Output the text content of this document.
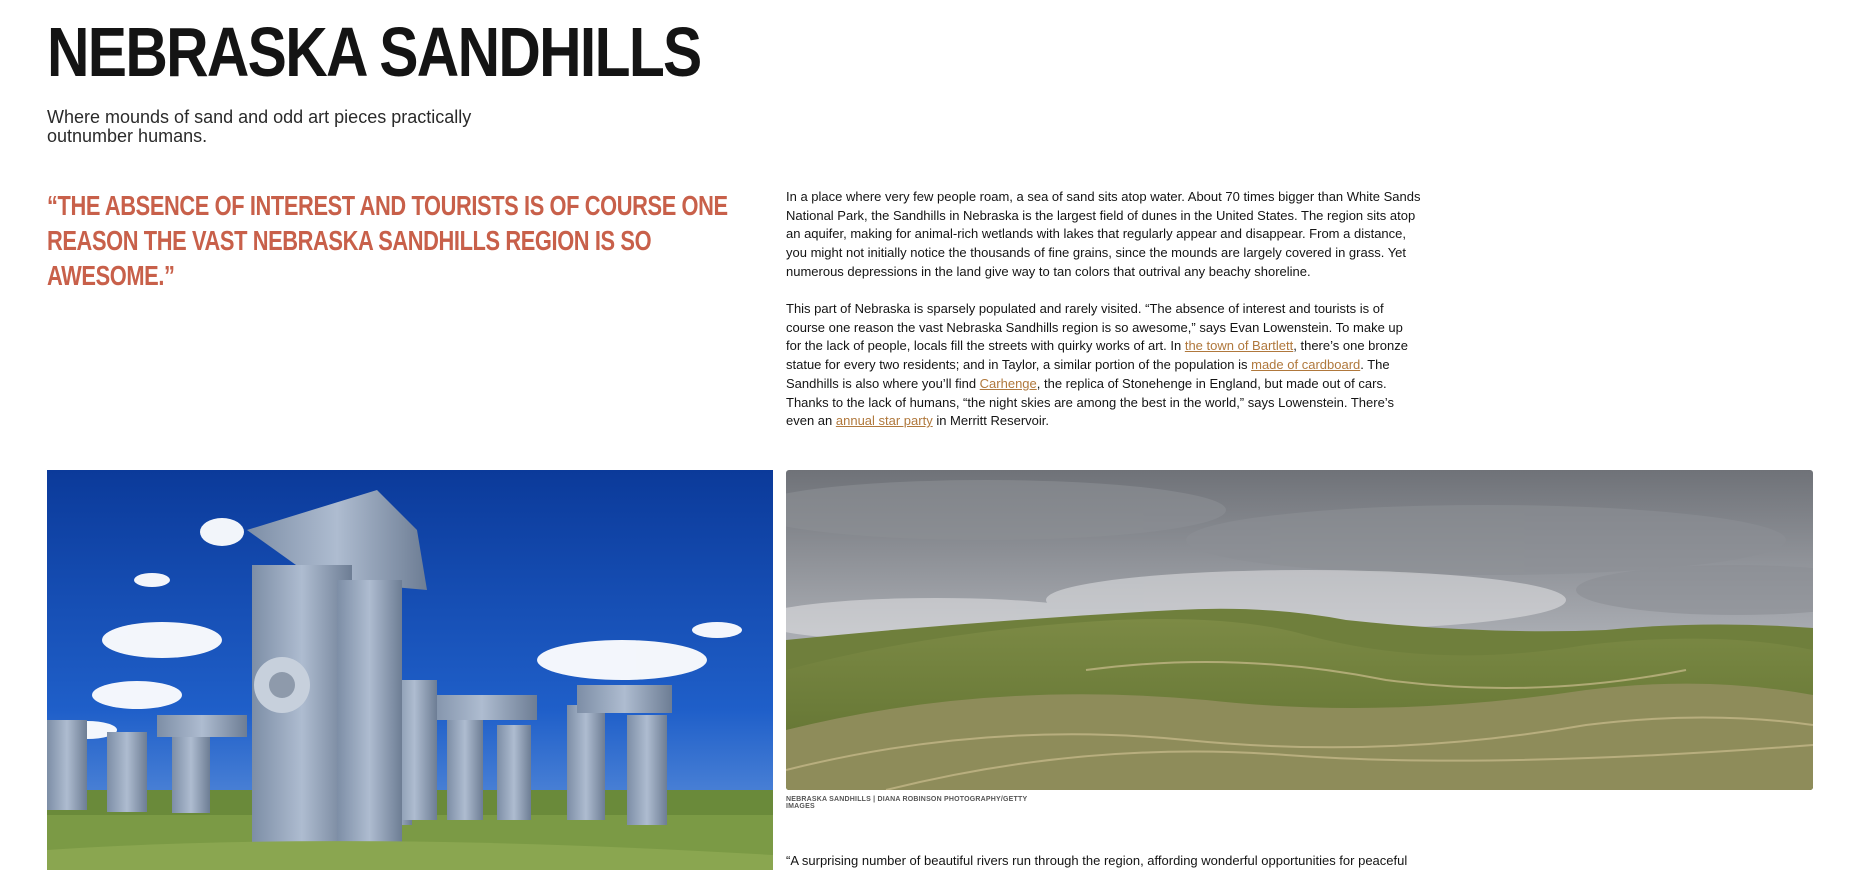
NEBRASKA SANDHILLS
Where mounds of sand and odd art pieces practically outnumber humans.
“THE ABSENCE OF INTEREST AND TOURISTS IS OF COURSE ONE REASON THE VAST NEBRASKA SANDHILLS REGION IS SO AWESOME.”

In a place where very few people roam, a sea of sand sits atop water. About 70 times bigger than White Sands National Park, the Sandhills in Nebraska is the largest field of dunes in the United States. The region sits atop an aquifer, making for animal-rich wetlands with lakes that regularly appear and disappear. From a distance, you might not initially notice the thousands of fine grains, since the mounds are largely covered in grass. Yet numerous depressions in the land give way to tan colors that outrival any beachy shoreline.

This part of Nebraska is sparsely populated and rarely visited. “The absence of interest and tourists is of course one reason the vast Nebraska Sandhills region is so awesome,” says Evan Lowenstein. To make up for the lack of people, locals fill the streets with quirky works of art. In the town of Bartlett, there’s one bronze statue for every two residents; and in Taylor, a similar portion of the population is made of cardboard. The Sandhills is also where you’ll find Carhenge, the replica of Stonehenge in England, but made out of cars. Thanks to the lack of humans, “the night skies are among the best in the world,” says Lowenstein. There’s even an annual star party in Merritt Reservoir.

NEBRASKA SANDHILLS | DIANA ROBINSON PHOTOGRAPHY/GETTY IMAGES
“A surprising number of beautiful rivers run through the region, affording wonderful opportunities for peaceful
